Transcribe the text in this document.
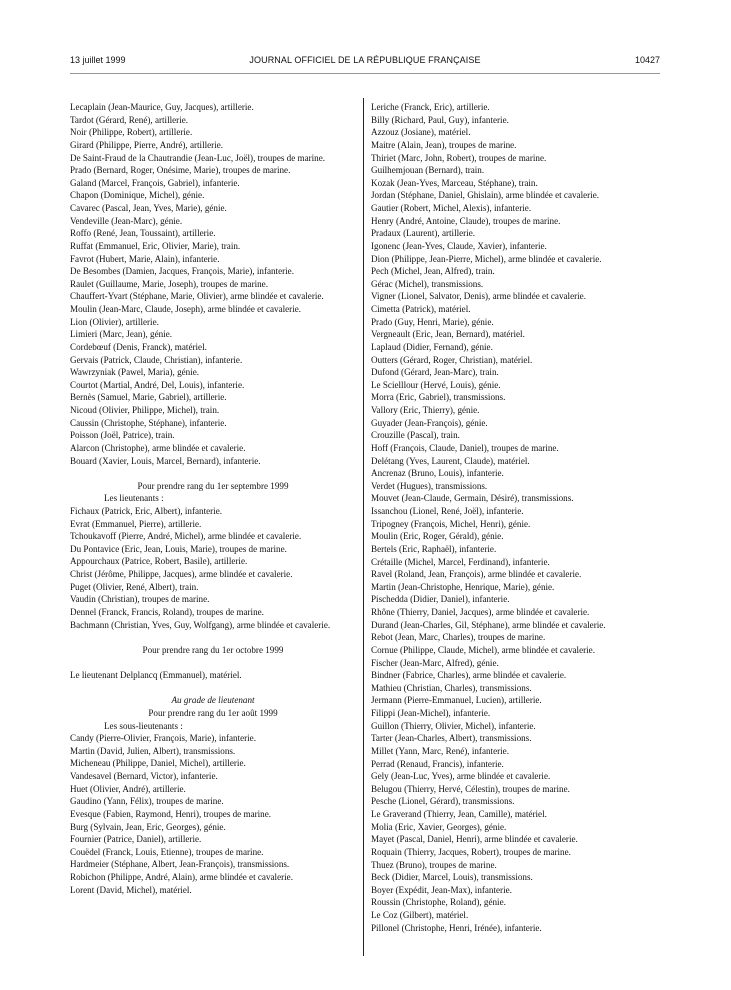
13 juillet 1999	JOURNAL OFFICIEL DE LA RÉPUBLIQUE FRANÇAISE	10427

Lecaplain (Jean-Maurice, Guy, Jacques), artillerie.

Tardot (Gérard, René), artillerie.

Noir (Philippe, Robert), artillerie.

Girard (Philippe, Pierre, André), artillerie.

De Saint-Fraud de la Chautrandie (Jean-Luc, Joël), troupes de marine.

Prado (Bernard, Roger, Onésime, Marie), troupes de marine.

Galand (Marcel, François, Gabriel), infanterie.

Chapon (Dominique, Michel), génie.

Cavarec (Pascal, Jean, Yves, Marie), génie.

Vendeville (Jean-Marc), génie.

Roffo (René, Jean, Toussaint), artillerie.

Ruffat (Emmanuel, Eric, Olivier, Marie), train.

Favrot (Hubert, Marie, Alain), infanterie.

De Besombes (Damien, Jacques, François, Marie), infanterie.

Raulet (Guillaume, Marie, Joseph), troupes de marine.

Chauffert-Yvart (Stéphane, Marie, Olivier), arme blindée et cavalerie.

Moulin (Jean-Marc, Claude, Joseph), arme blindée et cavalerie.

Lion (Olivier), artillerie.

Limieri (Marc, Jean), génie.

Cordebœuf (Denis, Franck), matériel.

Gervais (Patrick, Claude, Christian), infanterie.

Wawrzyniak (Pawel, Maria), génie.

Courtot (Martial, André, Del, Louis), infanterie.

Bernès (Samuel, Marie, Gabriel), artillerie.

Nicoud (Olivier, Philippe, Michel), train.

Caussin (Christophe, Stéphane), infanterie.

Poisson (Joël, Patrice), train.

Alarcon (Christophe), arme blindée et cavalerie.

Bouard (Xavier, Louis, Marcel, Bernard), infanterie.

Pour prendre rang du 1er septembre 1999

Les lieutenants :

Fichaux (Patrick, Eric, Albert), infanterie.

Evrat (Emmanuel, Pierre), artillerie.

Tchoukavoff (Pierre, André, Michel), arme blindée et cavalerie.

Du Pontavice (Eric, Jean, Louis, Marie), troupes de marine.

Appourchaux (Patrice, Robert, Basile), artillerie.

Christ (Jérôme, Philippe, Jacques), arme blindée et cavalerie.

Puget (Olivier, René, Albert), train.

Vaudin (Christian), troupes de marine.

Dennel (Franck, Francis, Roland), troupes de marine.

Bachmann (Christian, Yves, Guy, Wolfgang), arme blindée et cavalerie.

Pour prendre rang du 1er octobre 1999

Le lieutenant Delplancq (Emmanuel), matériel.

Au grade de lieutenant

Pour prendre rang du 1er août 1999

Les sous-lieutenants :

Candy (Pierre-Olivier, François, Marie), infanterie.

Martin (David, Julien, Albert), transmissions.

Micheneau (Philippe, Daniel, Michel), artillerie.

Vandesavel (Bernard, Victor), infanterie.

Huet (Olivier, André), artillerie.

Gaudino (Yann, Félix), troupes de marine.

Evesque (Fabien, Raymond, Henri), troupes de marine.

Burg (Sylvain, Jean, Eric, Georges), génie.

Fournier (Patrice, Daniel), artillerie.

Couëdel (Franck, Louis, Etienne), troupes de marine.

Hardmeier (Stéphane, Albert, Jean-François), transmissions.

Robichon (Philippe, André, Alain), arme blindée et cavalerie.

Lorent (David, Michel), matériel.

Leriche (Franck, Eric), artillerie.

Billy (Richard, Paul, Guy), infanterie.

Azzouz (Josiane), matériel.

Maitre (Alain, Jean), troupes de marine.

Thiriet (Marc, John, Robert), troupes de marine.

Guilhemjouan (Bernard), train.

Kozak (Jean-Yves, Marceau, Stéphane), train.

Jordan (Stéphane, Daniel, Ghislain), arme blindée et cavalerie.

Gautier (Robert, Michel, Alexis), infanterie.

Henry (André, Antoine, Claude), troupes de marine.

Pradaux (Laurent), artillerie.

Igonenc (Jean-Yves, Claude, Xavier), infanterie.

Dion (Philippe, Jean-Pierre, Michel), arme blindée et cavalerie.

Pech (Michel, Jean, Alfred), train.

Gérac (Michel), transmissions.

Vigner (Lionel, Salvator, Denis), arme blindée et cavalerie.

Cimetta (Patrick), matériel.

Prado (Guy, Henri, Marie), génie.

Vergneault (Eric, Jean, Bernard), matériel.

Laplaud (Didier, Fernand), génie.

Outters (Gérard, Roger, Christian), matériel.

Dufond (Gérard, Jean-Marc), train.

Le Scielllour (Hervé, Louis), génie.

Morra (Eric, Gabriel), transmissions.

Vallory (Eric, Thierry), génie.

Guyader (Jean-François), génie.

Crouzille (Pascal), train.

Hoff (François, Claude, Daniel), troupes de marine.

Delétang (Yves, Laurent, Claude), matériel.

Ancrenaz (Bruno, Louis), infanterie.

Verdet (Hugues), transmissions.

Mouvet (Jean-Claude, Germain, Désiré), transmissions.

Issanchou (Lionel, René, Joël), infanterie.

Tripogney (François, Michel, Henri), génie.

Moulin (Eric, Roger, Gérald), génie.

Bertels (Eric, Raphaël), infanterie.

Crétaille (Michel, Marcel, Ferdinand), infanterie.

Ravel (Roland, Jean, François), arme blindée et cavalerie.

Martin (Jean-Christophe, Henrique, Marie), génie.

Pischedda (Didier, Daniel), infanterie.

Rhône (Thierry, Daniel, Jacques), arme blindée et cavalerie.

Durand (Jean-Charles, Gil, Stéphane), arme blindée et cavalerie.

Rebot (Jean, Marc, Charles), troupes de marine.

Cornue (Philippe, Claude, Michel), arme blindée et cavalerie.

Fischer (Jean-Marc, Alfred), génie.

Bindner (Fabrice, Charles), arme blindée et cavalerie.

Mathieu (Christian, Charles), transmissions.

Jermann (Pierre-Emmanuel, Lucien), artillerie.

Filippi (Jean-Michel), infanterie.

Guillon (Thierry, Olivier, Michel), infanterie.

Tarter (Jean-Charles, Albert), transmissions.

Millet (Yann, Marc, René), infanterie.

Perrad (Renaud, Francis), infanterie.

Gely (Jean-Luc, Yves), arme blindée et cavalerie.

Belugou (Thierry, Hervé, Célestin), troupes de marine.

Pesche (Lionel, Gérard), transmissions.

Le Graverand (Thierry, Jean, Camille), matériel.

Molia (Eric, Xavier, Georges), génie.

Mayet (Pascal, Daniel, Henri), arme blindée et cavalerie.

Roquain (Thierry, Jacques, Robert), troupes de marine.

Thuez (Bruno), troupes de marine.

Beck (Didier, Marcel, Louis), transmissions.

Boyer (Expédit, Jean-Max), infanterie.

Roussin (Christophe, Roland), génie.

Le Coz (Gilbert), matériel.

Pillonel (Christophe, Henri, Irénée), infanterie.
